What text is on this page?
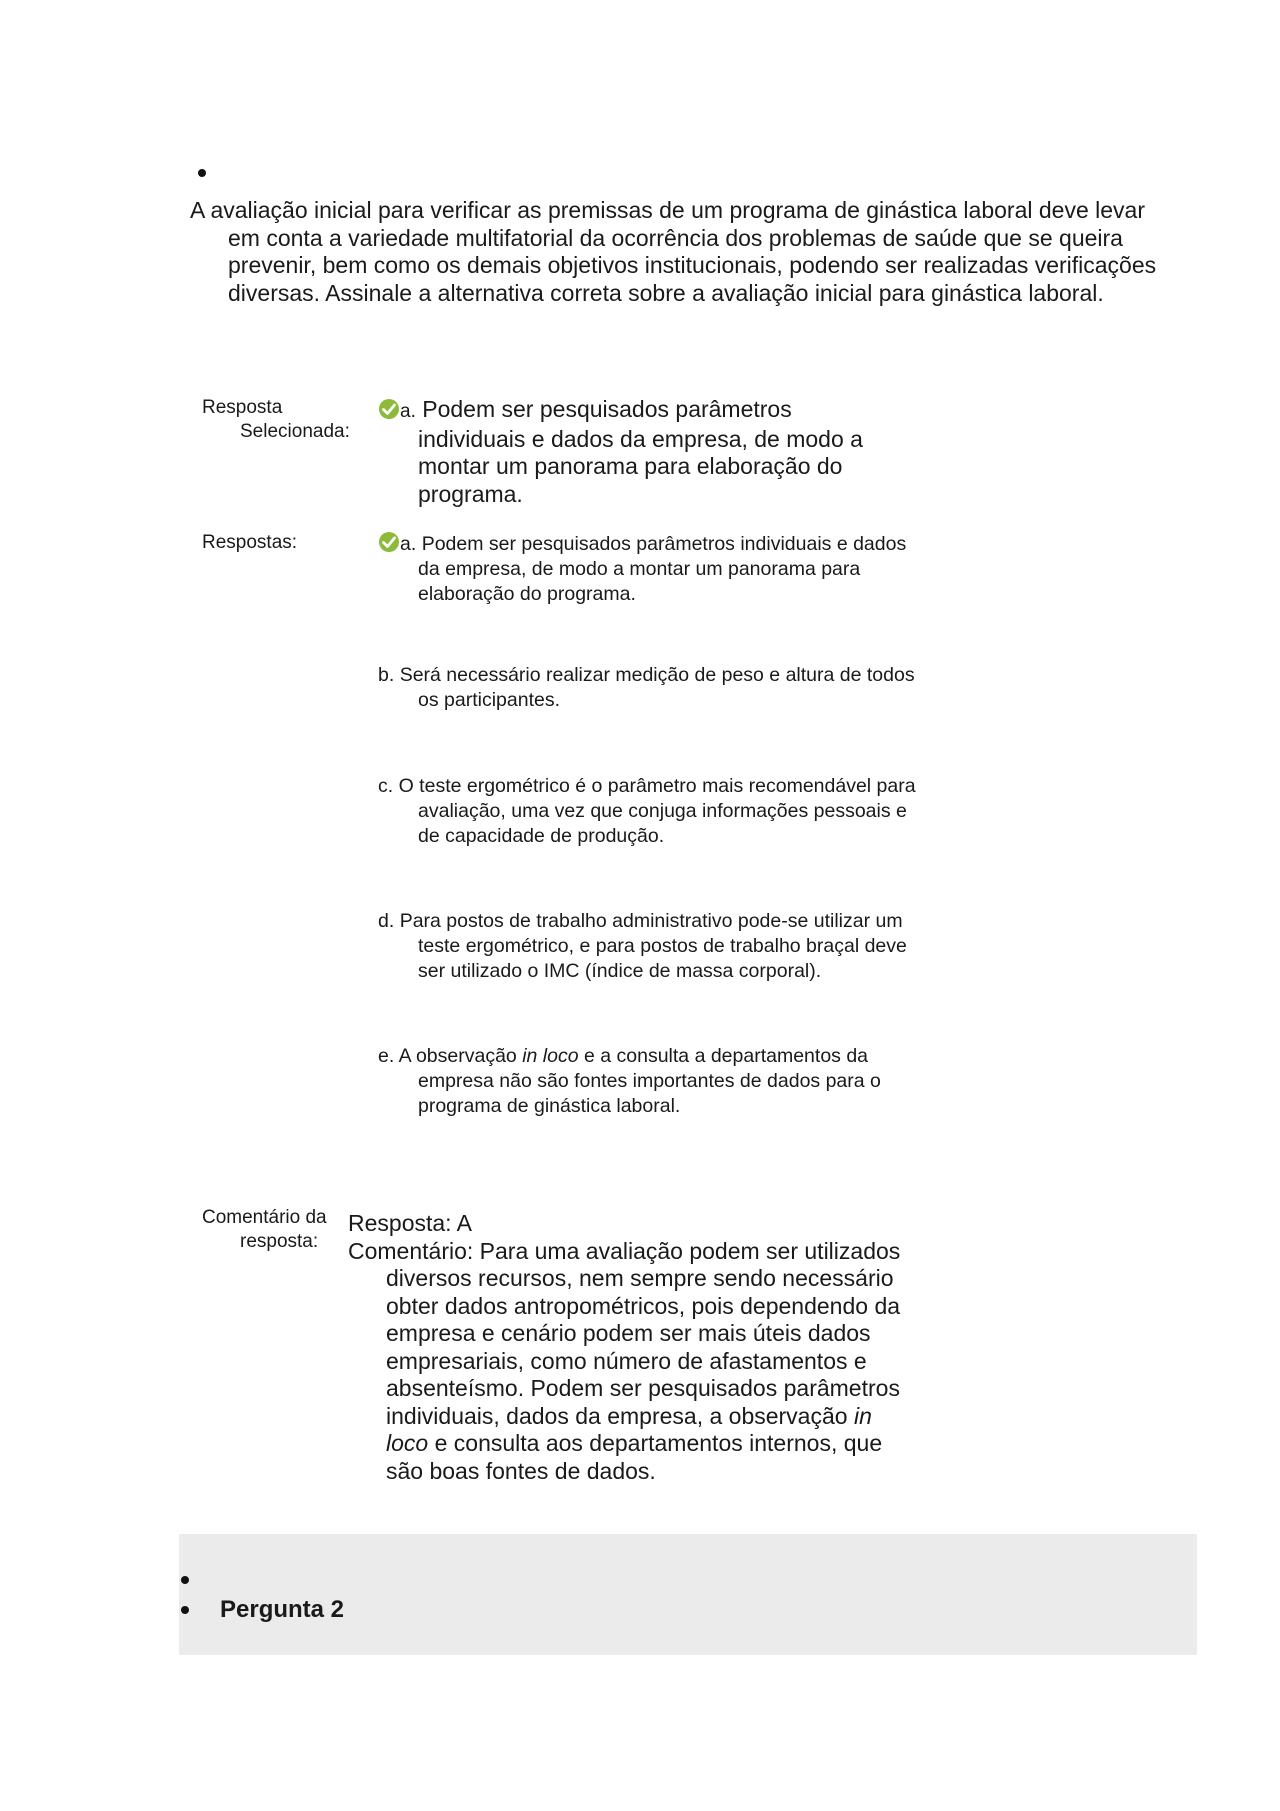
A avaliação inicial para verificar as premissas de um programa de ginástica laboral deve levar em conta a variedade multifatorial da ocorrência dos problemas de saúde que se queira prevenir, bem como os demais objetivos institucionais, podendo ser realizadas verificações diversas. Assinale a alternativa correta sobre a avaliação inicial para ginástica laboral.
Resposta Selecionada:
a. Podem ser pesquisados parâmetros individuais e dados da empresa, de modo a montar um panorama para elaboração do programa.
Respostas:	a. Podem ser pesquisados parâmetros individuais e dados da empresa, de modo a montar um panorama para elaboração do programa.
b. Será necessário realizar medição de peso e altura de todos os participantes.
c. O teste ergométrico é o parâmetro mais recomendável para avaliação, uma vez que conjuga informações pessoais e de capacidade de produção.
d. Para postos de trabalho administrativo pode-se utilizar um teste ergométrico, e para postos de trabalho braçal deve ser utilizado o IMC (índice de massa corporal).
e. A observação in loco e a consulta a departamentos da empresa não são fontes importantes de dados para o programa de ginástica laboral.
Comentário da resposta:
Resposta: A
Comentário: Para uma avaliação podem ser utilizados diversos recursos, nem sempre sendo necessário obter dados antropométricos, pois dependendo da empresa e cenário podem ser mais úteis dados empresariais, como número de afastamentos e absenteísmo. Podem ser pesquisados parâmetros individuais, dados da empresa, a observação in loco e consulta aos departamentos internos, que são boas fontes de dados.
Pergunta 2
